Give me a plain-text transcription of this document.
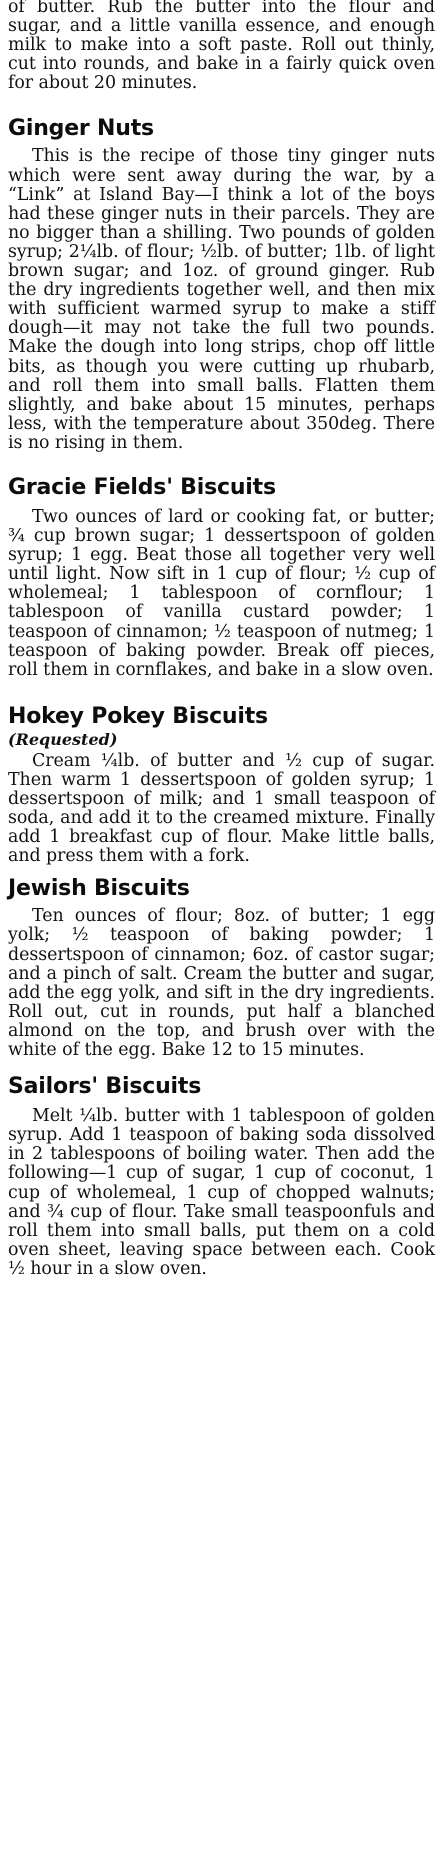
of butter. Rub the butter into the flour and sugar, and a little vanilla essence, and enough milk to make into a soft paste. Roll out thinly, cut into rounds, and bake in a fairly quick oven for about 20 minutes.

Ginger Nuts

This is the recipe of those tiny ginger nuts which were sent away during the war, by a “Link” at Island Bay—I think a lot of the boys had these ginger nuts in their parcels. They are no bigger than a shilling. Two pounds of golden syrup; 2¼lb. of flour; ½lb. of butter; 1lb. of light brown sugar; and 1oz. of ground ginger. Rub the dry ingredients together well, and then mix with sufficient warmed syrup to make a stiff dough—it may not take the full two pounds. Make the dough into long strips, chop off little bits, as though you were cutting up rhubarb, and roll them into small balls. Flatten them slightly, and bake about 15 minutes, perhaps less, with the temperature about 350deg. There is no rising in them.

Gracie Fields' Biscuits

Two ounces of lard or cooking fat, or butter; ¾ cup brown sugar; 1 dessertspoon of golden syrup; 1 egg. Beat those all together very well until light. Now sift in 1 cup of flour; ½ cup of wholemeal; 1 tablespoon of cornflour; 1 tablespoon of vanilla custard powder; 1 teaspoon of cinnamon; ½ teaspoon of nutmeg; 1 teaspoon of baking powder. Break off pieces, roll them in cornflakes, and bake in a slow oven.

Hokey Pokey Biscuits

(Requested)

Cream ¼lb. of butter and ½ cup of sugar. Then warm 1 dessertspoon of golden syrup; 1 dessertspoon of milk; and 1 small teaspoon of soda, and add it to the creamed mixture. Finally add 1 breakfast cup of flour. Make little balls, and press them with a fork.

Jewish Biscuits

Ten ounces of flour; 8oz. of butter; 1 egg yolk; ½ teaspoon of baking powder; 1 dessertspoon of cinnamon; 6oz. of castor sugar; and a pinch of salt. Cream the butter and sugar, add the egg yolk, and sift in the dry ingredients. Roll out, cut in rounds, put half a blanched almond on the top, and brush over with the white of the egg. Bake 12 to 15 minutes.

Sailors' Biscuits

Melt ¼lb. butter with 1 tablespoon of golden syrup. Add 1 teaspoon of baking soda dissolved in 2 tablespoons of boiling water. Then add the following—1 cup of sugar, 1 cup of coconut, 1 cup of wholemeal, 1 cup of chopped walnuts; and ¾ cup of flour. Take small teaspoonfuls and roll them into small balls, put them on a cold oven sheet, leaving space between each. Cook ½ hour in a slow oven.
